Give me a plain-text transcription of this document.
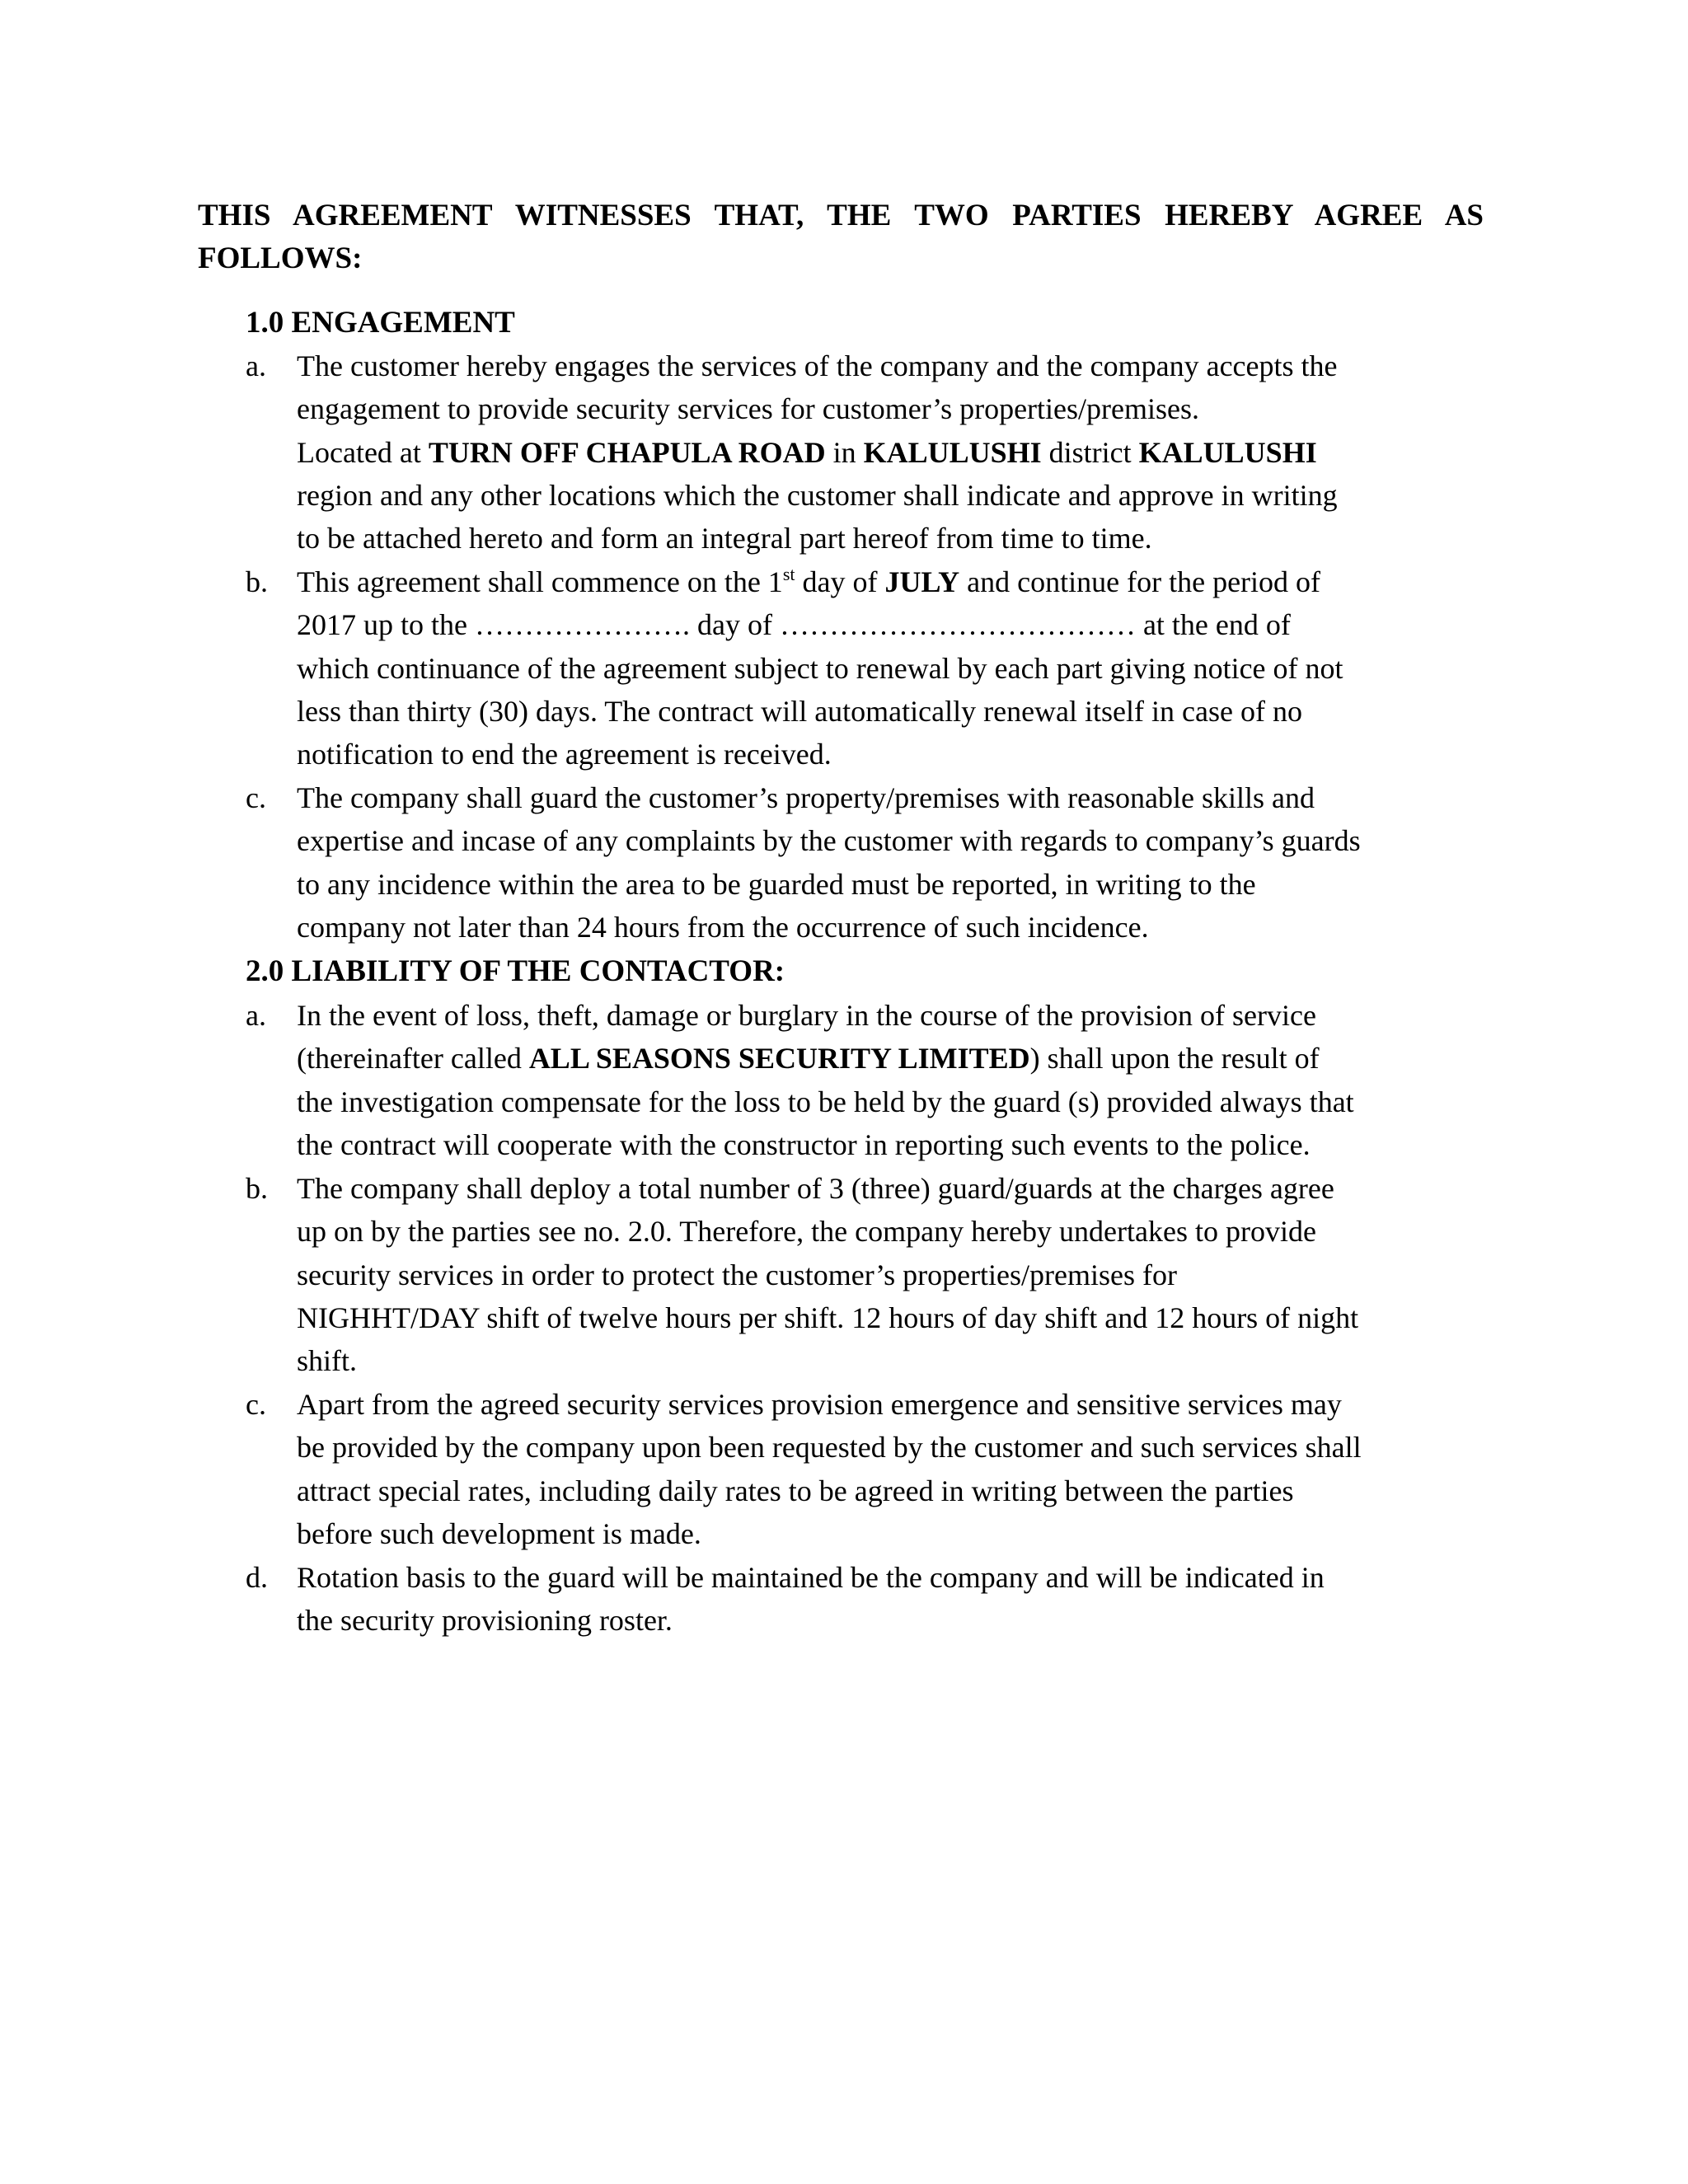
THIS AGREEMENT WITNESSES THAT, THE TWO PARTIES HEREBY AGREE AS FOLLOWS:
1.0 ENGAGEMENT
a. The customer hereby engages the services of the company and the company accepts the
engagement to provide security services for customer’s properties/premises.
Located at TURN OFF CHAPULA ROAD in KALULUSHI district KALULUSHI
region and any other locations which the customer shall indicate and approve in writing
to be attached hereto and form an integral part hereof from time to time.
b. This agreement shall commence on the 1st day of JULY and continue for the period of
2017 up to the …………………. day of ……………………………… at the end of
which continuance of the agreement subject to renewal by each part giving notice of not
less than thirty (30) days. The contract will automatically renewal itself in case of no
notification to end the agreement is received.
c. The company shall guard the customer’s property/premises with reasonable skills and
expertise and incase of any complaints by the customer with regards to company’s guards
to any incidence within the area to be guarded must be reported, in writing to the
company not later than 24 hours from the occurrence of such incidence.
2.0 LIABILITY OF THE CONTACTOR:
a. In the event of loss, theft, damage or burglary in the course of the provision of service
(thereinafter called ALL SEASONS SECURITY LIMITED) shall upon the result of
the investigation compensate for the loss to be held by the guard (s) provided always that
the contract will cooperate with the constructor in reporting such events to the police.
b. The company shall deploy a total number of 3 (three) guard/guards at the charges agree
up on by the parties see no. 2.0. Therefore, the company hereby undertakes to provide
security services in order to protect the customer’s properties/premises for
NIGHHT/DAY shift of twelve hours per shift. 12 hours of day shift and 12 hours of night
shift.
c. Apart from the agreed security services provision emergence and sensitive services may
be provided by the company upon been requested by the customer and such services shall
attract special rates, including daily rates to be agreed in writing between the parties
before such development is made.
d. Rotation basis to the guard will be maintained be the company and will be indicated in
the security provisioning roster.
